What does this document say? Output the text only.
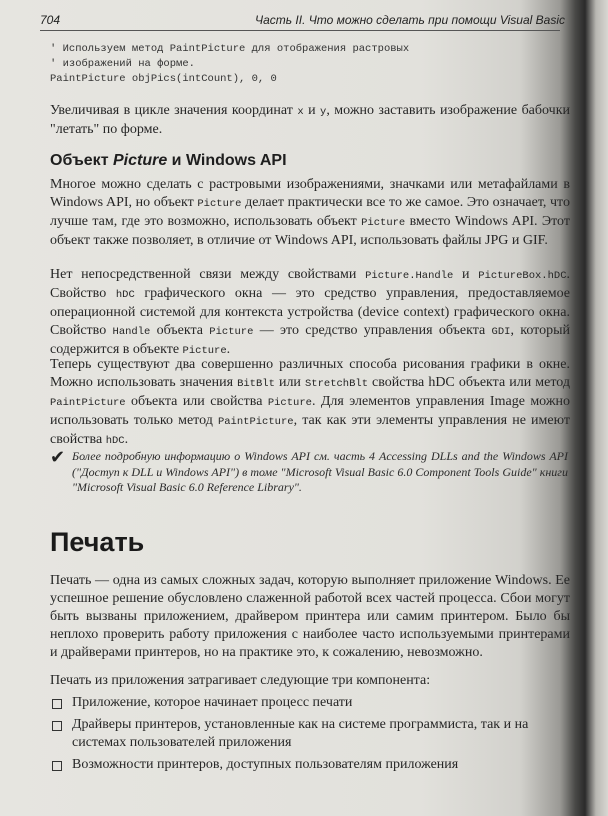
704	Часть II. Что можно сделать при помощи Visual Basic
' Используем метод PaintPicture для отображения растровых
' изображений на форме.
PaintPicture objPics(intCount), 0, 0
Увеличивая в цикле значения координат x и y, можно заставить изображение бабочки "летать" по форме.
Объект Picture и Windows API
Многое можно сделать с растровыми изображениями, значками или метафайлами в Windows API, но объект Picture делает практически все то же самое. Это означает, что лучше там, где это возможно, использовать объект Picture вместо Windows API. Этот объект также позволяет, в отличие от Windows API, использовать файлы JPG и GIF.
Нет непосредственной связи между свойствами Picture.Handle и PictureBox.hDC. Свойство hDC графического окна — это средство управления, предоставляемое операционной системой для контекста устройства (device context) графического окна. Свойство Handle объекта Picture — это средство управления объекта GDI, который содержится в объекте Picture.
Теперь существуют два совершенно различных способа рисования графики в окне. Можно использовать значения BitBlt или StretchBlt свойства hDC объекта или метод PaintPicture объекта или свойства Picture. Для элементов управления Image можно использовать только метод PaintPicture, так как эти элементы управления не имеют свойства hDC.
✔ Более подробную информацию о Windows API см. часть 4 Accessing DLLs and the Windows API ("Доступ к DLL и Windows API") в томе "Microsoft Visual Basic 6.0 Component Tools Guide" книги "Microsoft Visual Basic 6.0 Reference Library".
Печать
Печать — одна из самых сложных задач, которую выполняет приложение Windows. Ее успешное решение обусловлено слаженной работой всех частей процесса. Сбои могут быть вызваны приложением, драйвером принтера или самим принтером. Было бы неплохо проверить работу приложения с наиболее часто используемыми принтерами и драйверами принтеров, но на практике это, к сожалению, невозможно.
Печать из приложения затрагивает следующие три компонента:
Приложение, которое начинает процесс печати
Драйверы принтеров, установленные как на системе программиста, так и на системах пользователей приложения
Возможности принтеров, доступных пользователям приложения
